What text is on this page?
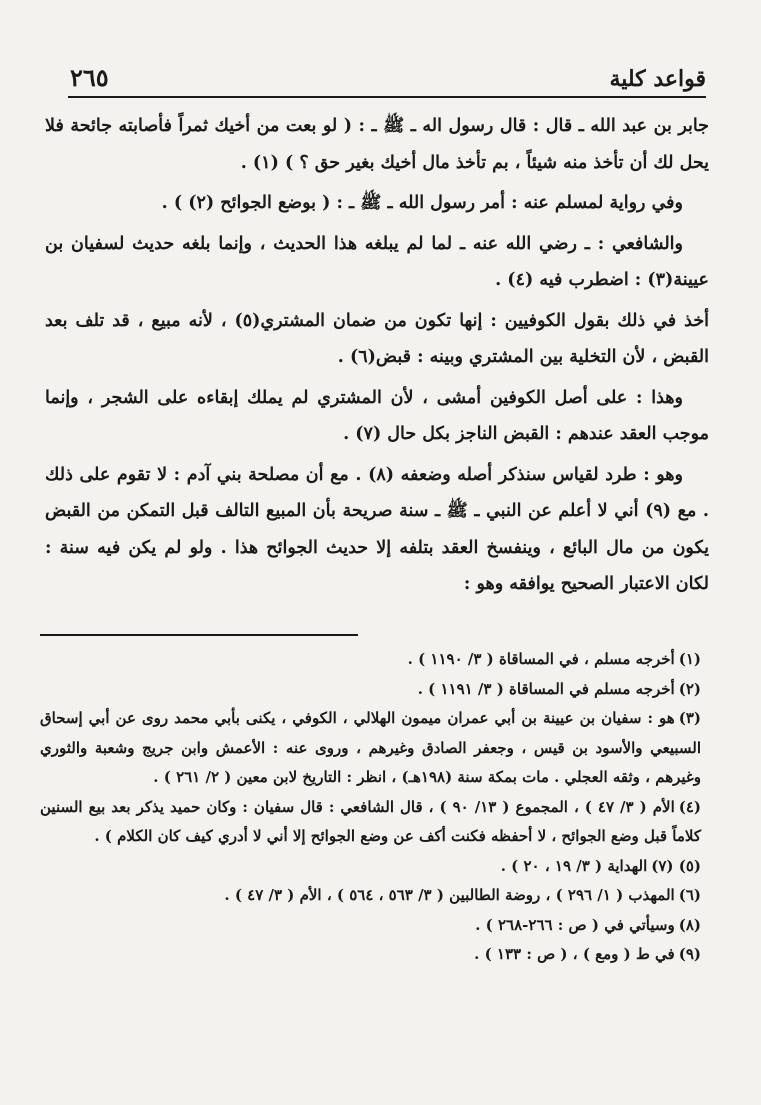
قواعد كلية
٢٦٥

جابر بن عبد الله ـ قال : قال رسول اله ـ ﷺ ـ : ( لو بعت من أخيك ثمراً فأصابته جائحة فلا يحل لك أن تأخذ منه شيئاً ، بم تأخذ مال أخيك بغير حق ؟ ) (١) .

وفي رواية لمسلم عنه : أمر رسول الله ـ ﷺ ـ : ( بوضع الجوائح (٢) ) .

والشافعي : ـ رضي الله عنه ـ لما لم يبلغه هذا الحديث ، وإنما بلغه حديث لسفيان بن عيينة(٣) : اضطرب فيه (٤) .

أخذ في ذلك بقول الكوفيين : إنها تكون من ضمان المشتري(٥) ، لأنه مبيع ، قد تلف بعد القبض ، لأن التخلية بين المشتري وبينه : قبض(٦) .

وهذا : على أصل الكوفين أمشى ، لأن المشتري لم يملك إبقاءه على الشجر ، وإنما موجب العقد عندهم : القبض الناجز بكل حال (٧) .

وهو : طرد لقياس سنذكر أصله وضعفه (٨) . مع أن مصلحة بني آدم : لا تقوم على ذلك . مع (٩) أني لا أعلم عن النبي ـ ﷺ ـ سنة صريحة بأن المبيع التالف قبل التمكن من القبض يكون من مال البائع ، وينفسخ العقد بتلفه إلا حديث الجوائح هذا . ولو لم يكن فيه سنة : لكان الاعتبار الصحيح يوافقه وهو :

(١)أخرجه مسلم ، في المساقاة ( ٣/ ١١٩٠ ) .

(٢)أخرجه مسلم في المساقاة ( ٣/ ١١٩١ ) .

(٣)هو : سفيان بن عيينة بن أبي عمران ميمون الهلالي ، الكوفي ، يكنى بأبي محمد روى عن أبي إسحاق السبيعي والأسود بن قيس ، وجعفر الصادق وغيرهم ، وروى عنه : الأعمش وابن جريج وشعبة والثوري وغيرهم ، وثقه العجلي . مات بمكة سنة (١٩٨هـ) ، انظر : التاريخ لابن معين ( ٢/ ٢٦١ ) .

(٤)الأم ( ٣/ ٤٧ ) ، المجموع ( ١٣/ ٩٠ ) ، قال الشافعي : قال سفيان : وكان حميد يذكر بعد بيع السنين كلاماً قبل وضع الجوائح ، لا أحفظه فكنت أكف عن وضع الجوائح إلا أني لا أدري كيف كان الكلام ) .

(٥) (٧)الهداية ( ٣/ ١٩ ، ٢٠ ) .

(٦)المهذب ( ١/ ٢٩٦ ) ، روضة الطالبين ( ٣/ ٥٦٣ ، ٥٦٤ ) ، الأم ( ٣/ ٤٧ ) .

(٨)وسيأتي في ( ص : ٢٦٦-٢٦٨ ) .

(٩)في ط ( ومع ) ، ( ص : ١٣٣ ) .
